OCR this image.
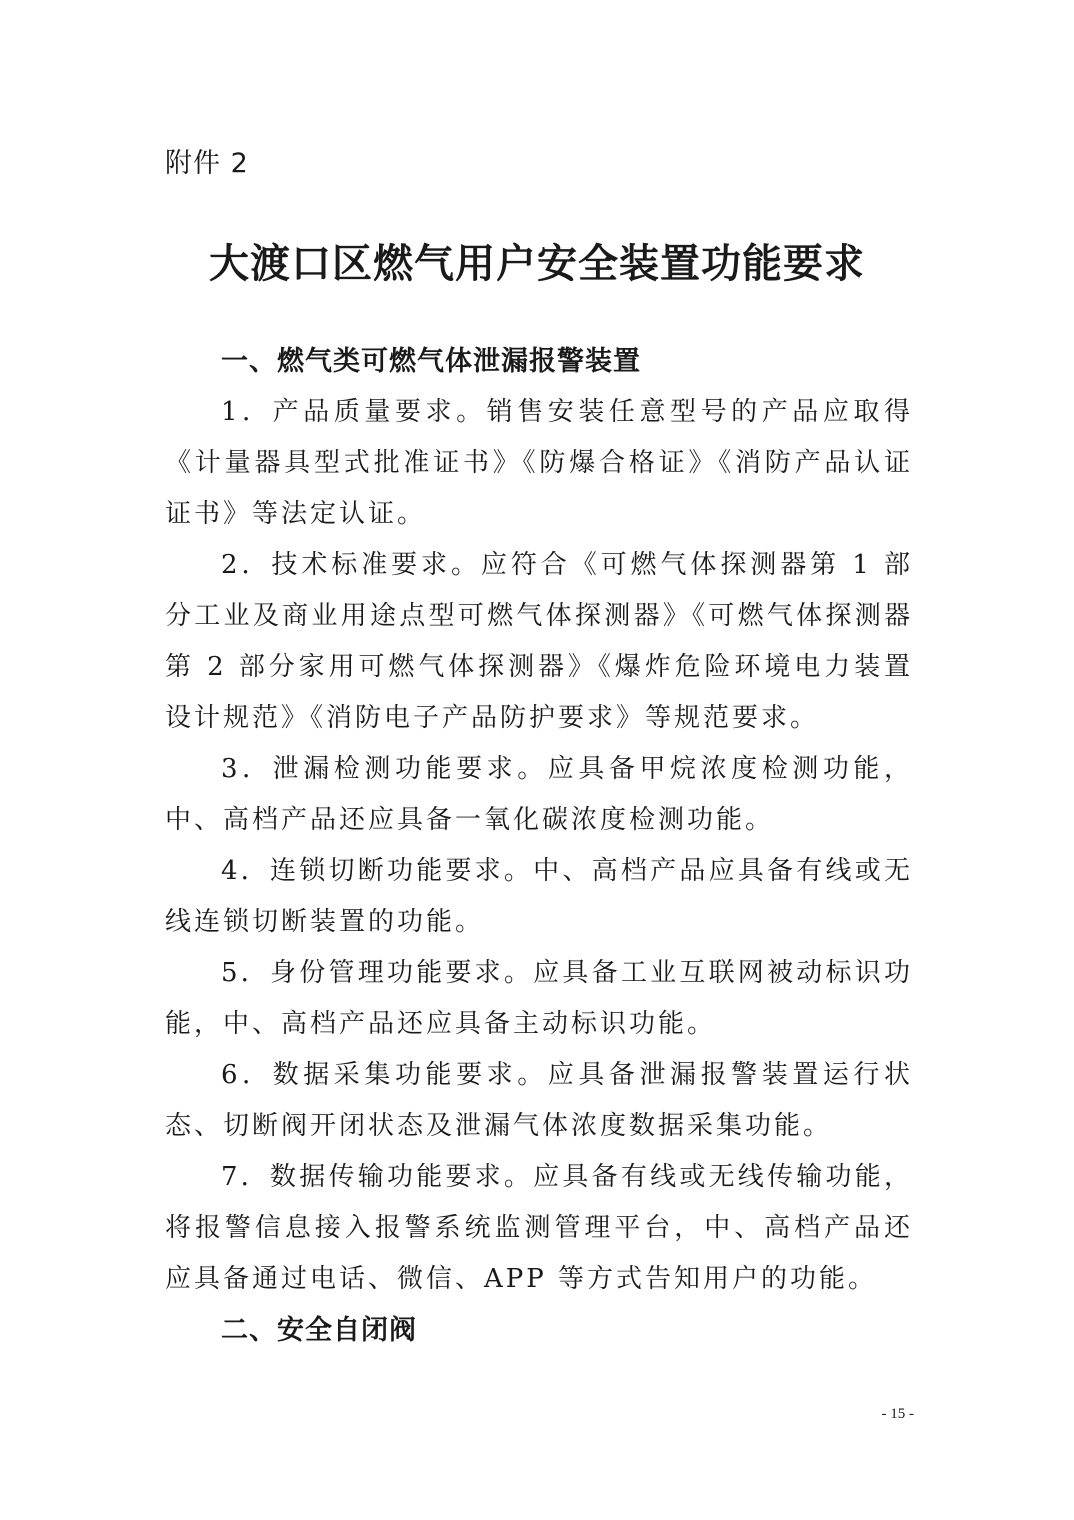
附件 2
大渡口区燃气用户安全装置功能要求

一、燃气类可燃气体泄漏报警装置

1．产品质量要求。销售安装任意型号的产品应取得《计量器具型式批准证书》《防爆合格证》《消防产品认证证书》等法定认证。

2．技术标准要求。应符合《可燃气体探测器第 1 部分工业及商业用途点型可燃气体探测器》《可燃气体探测器第 2 部分家用可燃气体探测器》《爆炸危险环境电力装置设计规范》《消防电子产品防护要求》等规范要求。

3．泄漏检测功能要求。应具备甲烷浓度检测功能，中、高档产品还应具备一氧化碳浓度检测功能。

4．连锁切断功能要求。中、高档产品应具备有线或无线连锁切断装置的功能。

5．身份管理功能要求。应具备工业互联网被动标识功能，中、高档产品还应具备主动标识功能。

6．数据采集功能要求。应具备泄漏报警装置运行状态、切断阀开闭状态及泄漏气体浓度数据采集功能。

7．数据传输功能要求。应具备有线或无线传输功能，将报警信息接入报警系统监测管理平台，中、高档产品还应具备通过电话、微信、APP 等方式告知用户的功能。

二、安全自闭阀

- 15 -
